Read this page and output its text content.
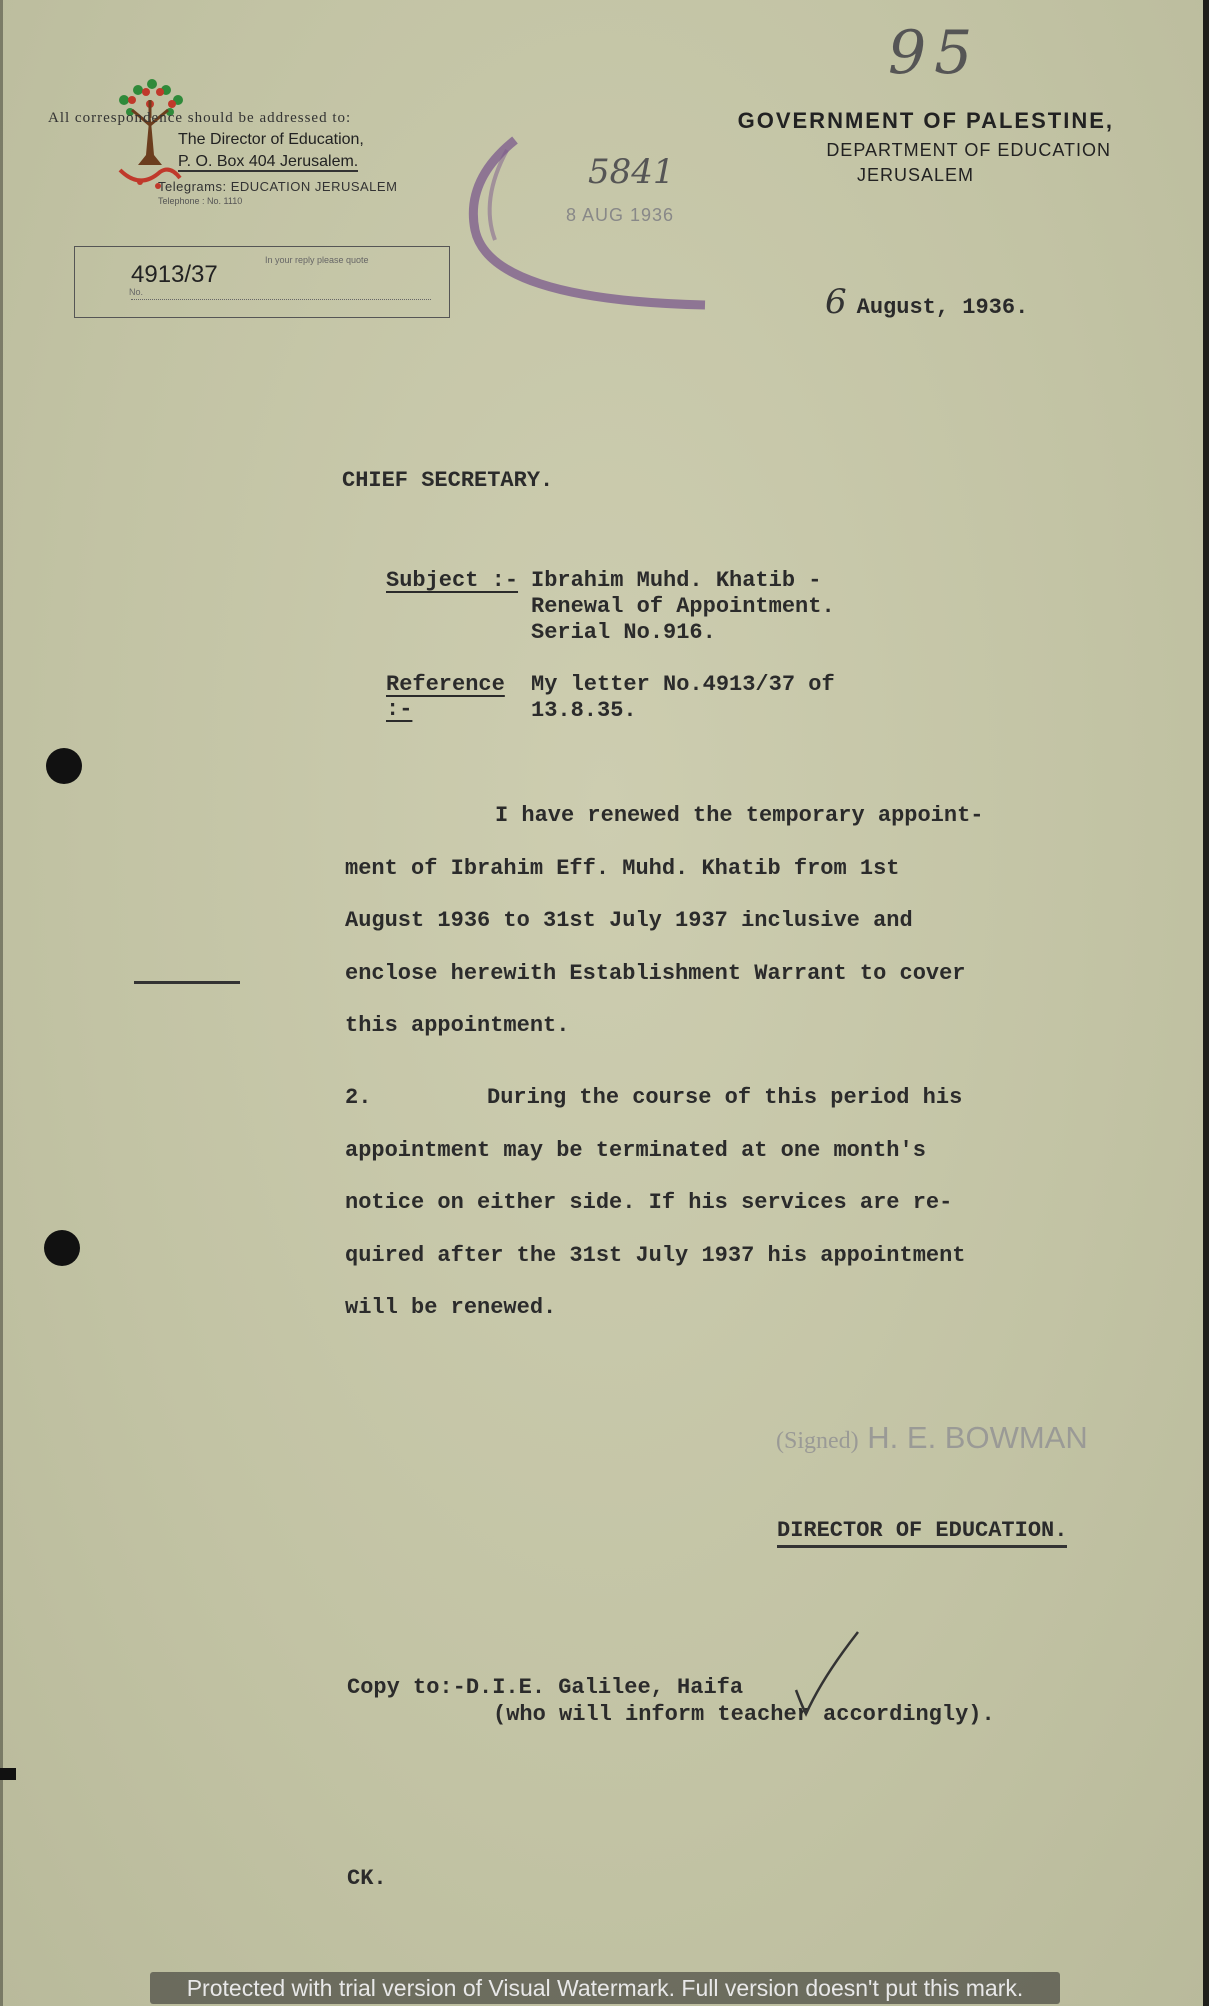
All correspondence should be addressed to:
The Director of Education,
P. O. Box 404 Jerusalem.
Telegrams: EDUCATION JERUSALEM
Telephone : No. 1110
In your reply please quote
4913/37
No.
GOVERNMENT OF PALESTINE,
DEPARTMENT OF EDUCATION
JERUSALEM
95
5841
8 AUG 1936
6 August, 1936.
CHIEF SECRETARY.
Subject :- Ibrahim Muhd. Khatib -
Renewal of Appointment.
Serial No.916.
Reference :-
My letter No.4913/37 of
13.8.35.
I have renewed the temporary appoint-
ment of Ibrahim Eff. Muhd. Khatib from 1st
August 1936 to 31st July 1937 inclusive and
enclose herewith Establishment Warrant to cover
this appointment.
2.	During the course of this period his
appointment may be terminated at one month's
notice on either side. If his services are re-
quired after the 31st July 1937 his appointment
will be renewed.
(Signed) H. E. BOWMAN
DIRECTOR OF EDUCATION.
Copy to:-D.I.E. Galilee, Haifa
(who will inform teacher accordingly).
CK.
Protected with trial version of Visual Watermark. Full version doesn't put this mark.
